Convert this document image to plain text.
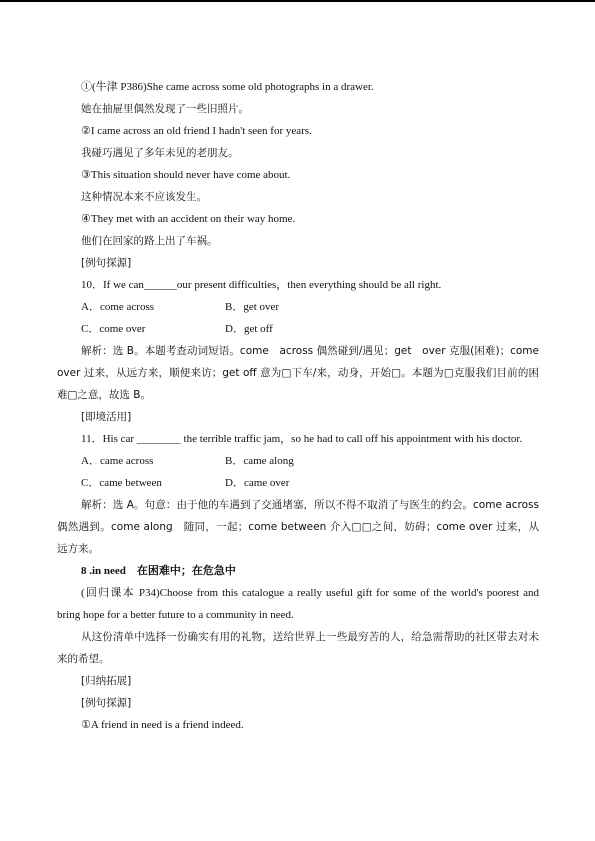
①(牛津 P386)She came across some old photographs in a drawer.
她在抽屉里偶然发现了一些旧照片。
②I came across an old friend I hadn't seen for years.
我碰巧遇见了多年未见的老朋友。
③This situation should never have come about.
这种情况本来不应该发生。
④They met with an accident on their way home.
他们在回家的路上出了车祸。
[例句探源]
10．If we can______our present difficulties，then everything should be all right.
A．come across	B．get over
C．come over	D．get off
解析：选 B。本题考查动词短语。come　across 偶然碰到/遇见；get　over 克服(困难)；come over 过来，从远方来，顺便来访；get off 意为□下车/来，动身，开始□。本题为□克服我们目前的困难□之意，故选 B。
[即境活用]
11．His car ________ the terrible traffic jam，so he had to call off his appointment with his doctor.
A．came across	B．came along
C．came between	D．came over
解析：选 A。句意：由于他的车遇到了交通堵塞，所以不得不取消了与医生的约会。come across 偶然遇到。come along　随同，一起；come between 介入□□之间，妨碍；come over 过来，从远方来。
8 .in need　在困难中；在危急中
(回归课本 P34)Choose from this catalogue a really useful gift for some of the world's poorest and bring hope for a better future to a community in need.
从这份清单中选择一份确实有用的礼物，送给世界上一些最穷苦的人，给急需帮助的社区带去对未来的希望。
[归纳拓展]
[例句探源]
①A friend in need is a friend indeed.
